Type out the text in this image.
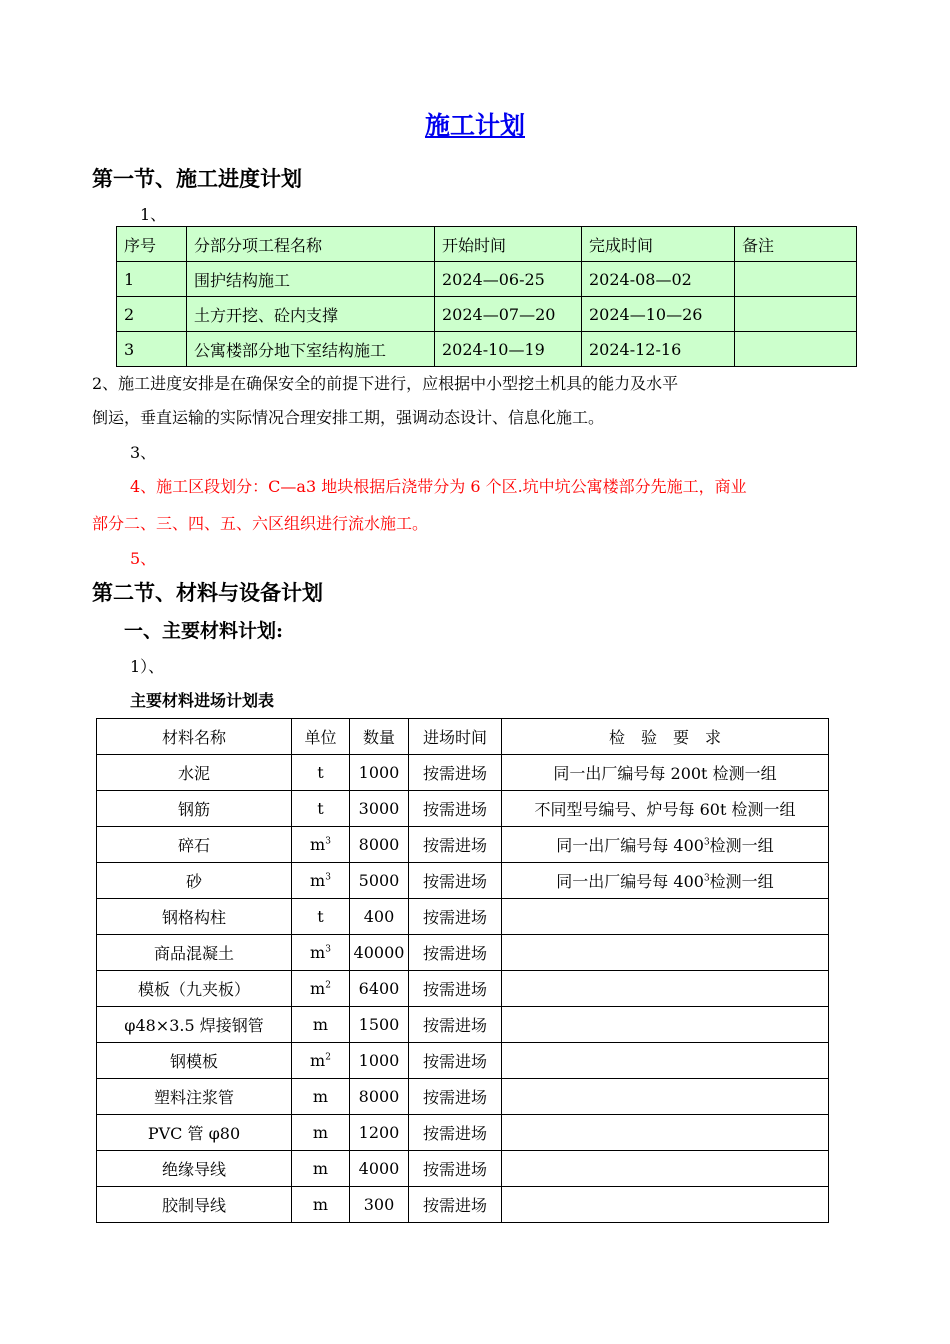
施工计划
第一节、施工进度计划
1、
序号	分部分项工程名称	开始时间	完成时间	备注
1	围护结构施工	2024—06-25	2024-08—02	
2	土方开挖、砼内支撑	2024—07—20	2024—10—26	
3	公寓楼部分地下室结构施工	2024-10—19	2024-12-16	
2、施工进度安排是在确保安全的前提下进行，应根据中小型挖土机具的能力及水平
倒运，垂直运输的实际情况合理安排工期，强调动态设计、信息化施工。
3、
4、施工区段划分：C—a3 地块根据后浇带分为 6 个区.坑中坑公寓楼部分先施工，商业
部分二、三、四、五、六区组织进行流水施工。
5、
第二节、材料与设备计划
一、主要材料计划:
1）、
主要材料进场计划表
材料名称	单位	数量	进场时间	检　验　要　求
水泥	t	1000	按需进场	同一出厂编号每 200t 检测一组
钢筋	t	3000	按需进场	不同型号编号、炉号每 60t 检测一组
碎石	$m^3$	8000	按需进场	同一出厂编号每 $400^3$检测一组
砂	$m^3$	5000	按需进场	同一出厂编号每 $400^3$检测一组
钢格构柱	t	400	按需进场	
商品混凝土	$m^3$	40000	按需进场	
模板（九夹板）	$m^2$	6400	按需进场	
φ48×3.5 焊接钢管	m	1500	按需进场	
钢模板	$m^2$	1000	按需进场	
塑料注浆管	m	8000	按需进场	
PVC 管 φ80	m	1200	按需进场	
绝缘导线	m	4000	按需进场	
胶制导线	m	300	按需进场	
